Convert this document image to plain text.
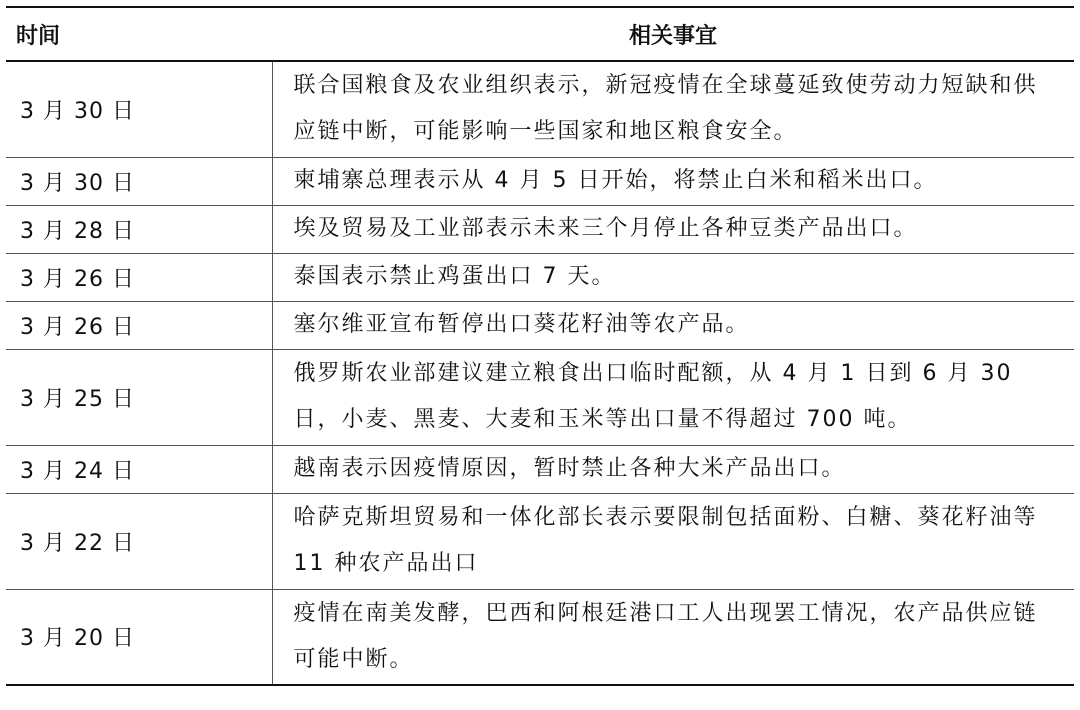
时间	相关事宜
3 月 30 日	联合国粮食及农业组织表示，新冠疫情在全球蔓延致使劳动力短缺和供应链中断，可能影响一些国家和地区粮食安全。
3 月 30 日	柬埔寨总理表示从 4 月 5 日开始，将禁止白米和稻米出口。
3 月 28 日	埃及贸易及工业部表示未来三个月停止各种豆类产品出口。
3 月 26 日	泰国表示禁止鸡蛋出口 7 天。
3 月 26 日	塞尔维亚宣布暂停出口葵花籽油等农产品。
3 月 25 日	俄罗斯农业部建议建立粮食出口临时配额，从 4 月 1 日到 6 月 30 日，小麦、黑麦、大麦和玉米等出口量不得超过 700 吨。
3 月 24 日	越南表示因疫情原因，暂时禁止各种大米产品出口。
3 月 22 日	哈萨克斯坦贸易和一体化部长表示要限制包括面粉、白糖、葵花籽油等 11 种农产品出口
3 月 20 日	疫情在南美发酵，巴西和阿根廷港口工人出现罢工情况，农产品供应链可能中断。
